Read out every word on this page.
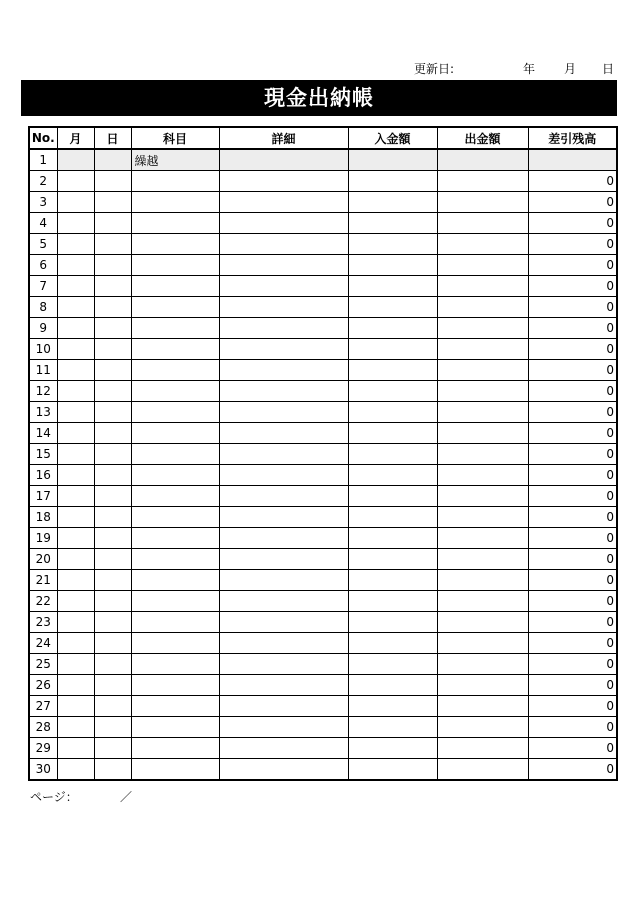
更新日:	年 月 日
現金出納帳
No.	月	日	科目	詳細	入金額	出金額	差引残高
1			繰越				
2							0
3							0
4							0
5							0
6							0
7							0
8							0
9							0
10							0
11							0
12							0
13							0
14							0
15							0
16							0
17							0
18							0
19							0
20							0
21							0
22							0
23							0
24							0
25							0
26							0
27							0
28							0
29							0
30							0
ページ：	／
